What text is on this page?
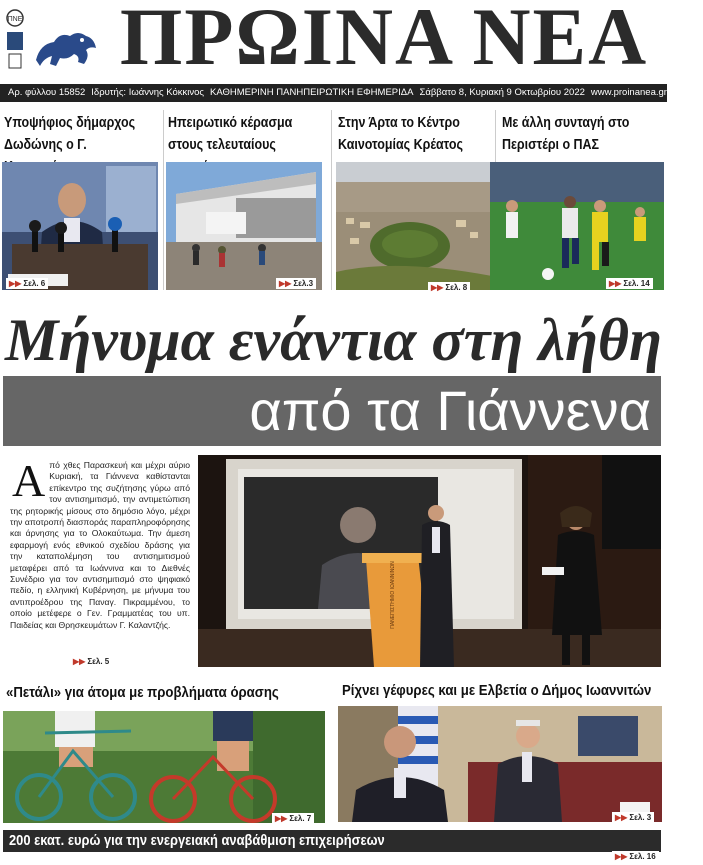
ΠΝΕ ΠΡΩΙΝΑ ΝΕΑ
Αρ. φύλλου 15852 Ιδρυτής: Ιωάννης Κόκκινος ΚΑΘΗΜΕΡΙΝΗ ΠΑΝΗΠΕΙΡΩΤΙΚΗ ΕΦΗΜΕΡΙΔΑ Σάββατο 8, Κυριακή 9 Οκτωβρίου 2022 www.proinanea.gr €0,50
Υποψήφιος δήμαρχος Δωδώνης ο Γ.
▶▶ Σελ. 6
Ηπειρωτικό κέρασμα στους τελευταίους
▶▶ Σελ.3
Στην Άρτα το Κέντρο Καινοτομίας Κρέατος
▶▶ Σελ. 8
Με άλλη συνταγή στο Περιστέρι ο ΠΑΣ
▶▶ Σελ. 14
Μήνυμα ενάντια στη λήθη
από τα Γιάννενα
Από χθες Παρασκευή και μέχρι αύριο Κυριακή, τα Γιάννενα καθίστανται επίκεντρο της συζήτησης γύρω από τον αντισημιτισμό, την αντιμετώπιση της ρητορικής μίσους στο δημόσιο λόγο, μέχρι την αποτροπή διασποράς παραπληροφόρησης και άρνησης για το Ολοκαύτωμα. Την άμεση εφαρμογή ενός εθνικού σχεδίου δράσης για την καταπολέμηση του αντισημιτισμού μεταφέρει από τα Ιωάννινα και το Διεθνές Συνέδριο για τον αντισημιτισμό στο ψηφιακό πεδίο, η ελληνική Κυβέρνηση, με μήνυμα του αντιπροέδρου της Παναγ. Πικραμμένου, το οποίο μετέφερε ο Γεν. Γραμματέας του υπ. Παιδείας και Θρησκευμάτων Γ. Καλαντζής.
▶▶ Σελ. 5
ΠΑΝΕΠΙΣΤΗΜΙΟ ΙΩΑΝΝΙΝΩΝ
«Πετάλι» για άτομα με προβλήματα όρασης
▶▶ Σελ. 7
Ρίχνει γέφυρες και με Ελβετία ο Δήμος Ιωαννιτών
▶▶ Σελ. 3
200 εκατ. ευρώ για την ενεργειακή αναβάθμιση επιχειρήσεων
▶▶ Σελ. 16
